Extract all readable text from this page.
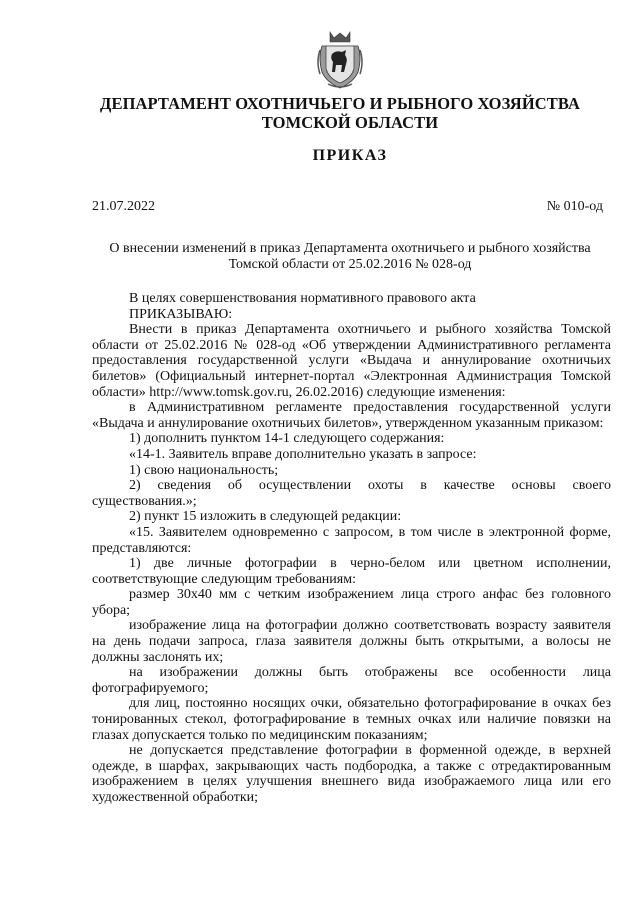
ДЕПАРТАМЕНТ ОХОТНИЧЬЕГО И РЫБНОГО ХОЗЯЙСТВА
ТОМСКОЙ ОБЛАСТИ
ПРИКАЗ
21.07.2022	№ 010-од
О внесении изменений в приказ Департамента охотничьего и рыбного хозяйства
Томской области от 25.02.2016 № 028-од

В целях совершенствования нормативного правового акта

ПРИКАЗЫВАЮ:

Внести в приказ Департамента охотничьего и рыбного хозяйства Томской области от 25.02.2016 № 028-од «Об утверждении Административного регламента предоставления государственной услуги «Выдача и аннулирование охотничьих билетов» (Официальный интернет-портал «Электронная Администрация Томской области» http://www.tomsk.gov.ru, 26.02.2016) следующие изменения:

в Административном регламенте предоставления государственной услуги «Выдача и аннулирование охотничьих билетов», утвержденном указанным приказом:

1) дополнить пунктом 14-1 следующего содержания:

«14-1. Заявитель вправе дополнительно указать в запросе:

1) свою национальность;

2) сведения об осуществлении охоты в качестве основы своего существования.»;

2) пункт 15 изложить в следующей редакции:

«15. Заявителем одновременно с запросом, в том числе в электронной форме, представляются:

1) две личные фотографии в черно-белом или цветном исполнении, соответствующие следующим требованиям:

размер 30x40 мм с четким изображением лица строго анфас без головного убора;

изображение лица на фотографии должно соответствовать возрасту заявителя на день подачи запроса, глаза заявителя должны быть открытыми, а волосы не должны заслонять их;

на изображении должны быть отображены все особенности лица фотографируемого;

для лиц, постоянно носящих очки, обязательно фотографирование в очках без тонированных стекол, фотографирование в темных очках или наличие повязки на глазах допускается только по медицинским показаниям;

не допускается представление фотографии в форменной одежде, в верхней одежде, в шарфах, закрывающих часть подбородка, а также с отредактированным изображением в целях улучшения внешнего вида изображаемого лица или его художественной обработки;
